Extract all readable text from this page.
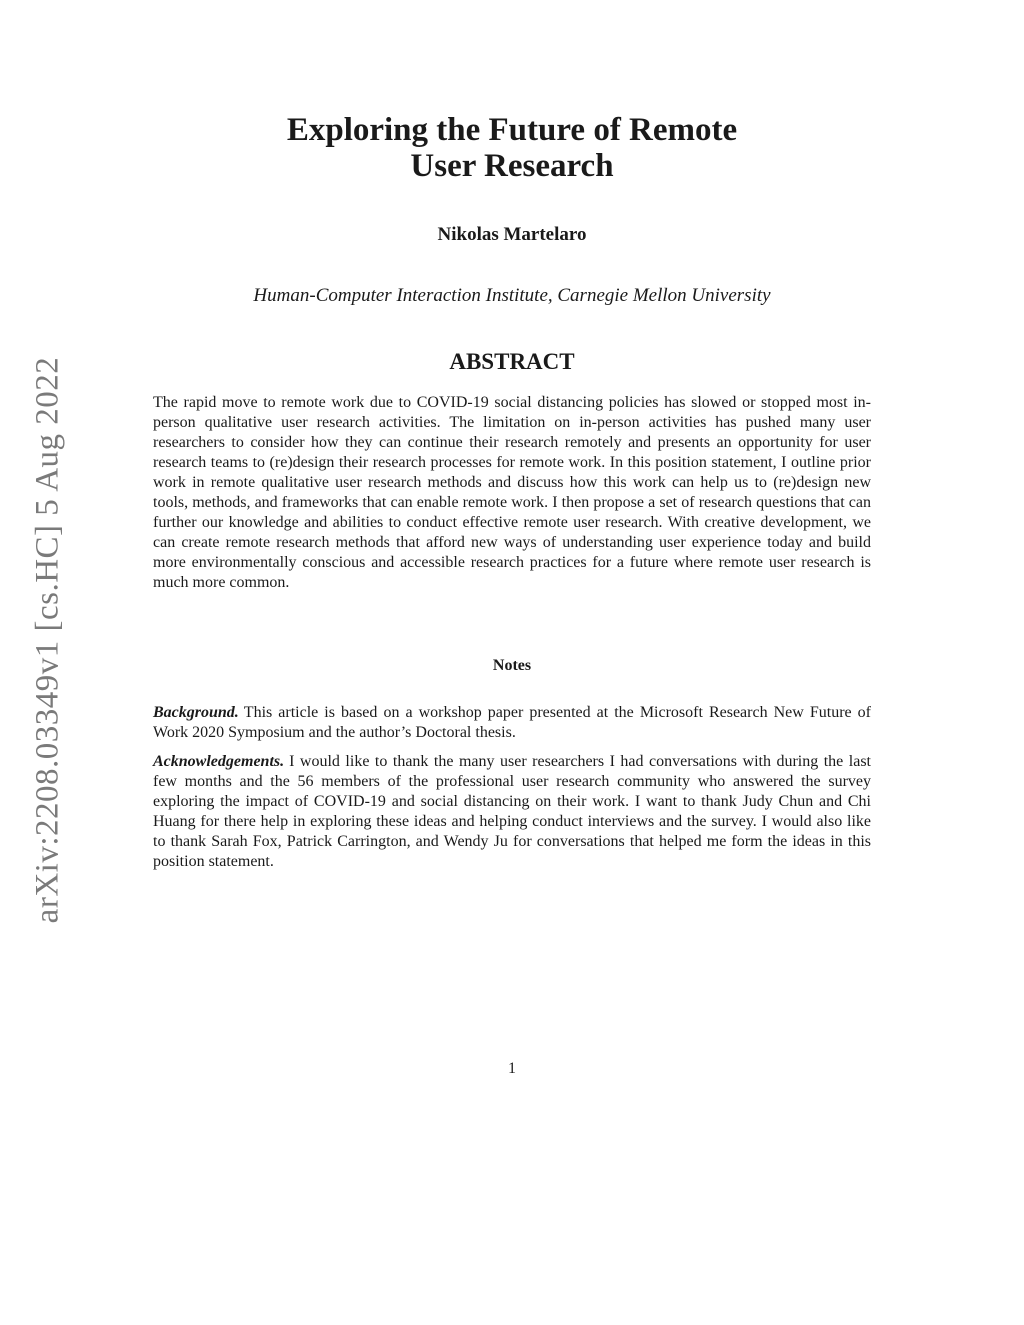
arXiv:2208.03349v1 [cs.HC] 5 Aug 2022
Exploring the Future of Remote
User Research
Nikolas Martelaro
Human-Computer Interaction Institute, Carnegie Mellon University
ABSTRACT

The rapid move to remote work due to COVID-19 social distancing policies has slowed or stopped most in-person qualitative user research activities. The limitation on in-person activities has pushed many user researchers to consider how they can continue their research remotely and presents an opportunity for user research teams to (re)design their research processes for remote work. In this position statement, I outline prior work in remote qualitative user research methods and discuss how this work can help us to (re)design new tools, methods, and frameworks that can enable remote work. I then propose a set of research questions that can further our knowledge and abilities to conduct effective remote user research. With creative development, we can create remote research methods that afford new ways of understanding user experience today and build more environmentally conscious and accessible research practices for a future where remote user research is much more common.

Notes

Background. This article is based on a workshop paper presented at the Microsoft Research New Future of Work 2020 Symposium and the author’s Doctoral thesis.

Acknowledgements. I would like to thank the many user researchers I had conversations with during the last few months and the 56 members of the professional user research community who answered the survey exploring the impact of COVID-19 and social distancing on their work. I want to thank Judy Chun and Chi Huang for there help in exploring these ideas and helping conduct interviews and the survey. I would also like to thank Sarah Fox, Patrick Carrington, and Wendy Ju for conversations that helped me form the ideas in this position statement.

1
